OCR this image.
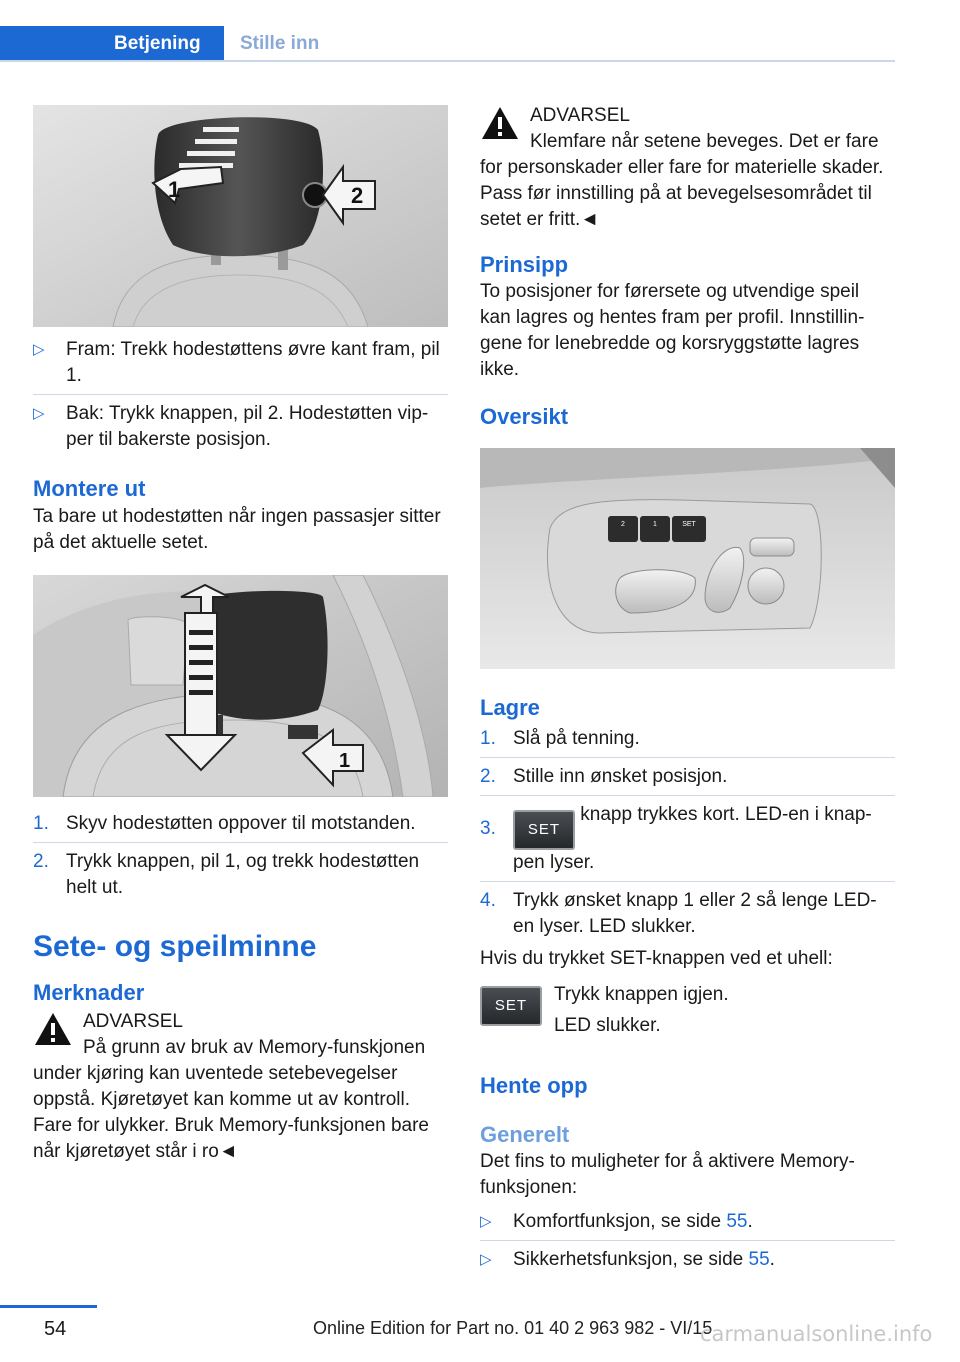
Betjening	Stille inn
1	2
▷ Fram: Trekk hodestøttens øvre kant fram, pil 1.
▷ Bak: Trykk knappen, pil 2. Hodestøtten vipper til bakerste posisjon.
Montere ut
Ta bare ut hodestøtten når ingen passasjer sitter på det aktuelle setet.
1
1. Skyv hodestøtten oppover til motstanden.
2. Trykk knappen, pil 1, og trekk hodestøtten helt ut.
Sete- og speilminne
Merknader
ADVARSEL
På grunn av bruk av Memory-funskjonen under kjøring kan uventede setebevegelser oppstå. Kjøretøyet kan komme ut av kontroll. Fare for ulykker. Bruk Memory-funksjonen bare når kjøretøyet står i ro◄
ADVARSEL
Klemfare når setene beveges. Det er fare for personskader eller fare for materielle skader. Pass før innstilling på at bevegelsesområdet til setet er fritt.◄
Prinsipp
To posisjoner for førersete og utvendige speil kan lagres og hentes fram per profil. Innstillingene for lenebredde og korsryggstøtte lagres ikke.
Oversikt
2	1	SET
Lagre
1. Slå på tenning.
2. Stille inn ønsket posisjon.
3. SET knapp trykkes kort. LED-en i knappen lyser.
4. Trykk ønsket knapp 1 eller 2 så lenge LED-en lyser. LED slukker.
Hvis du trykket SET-knappen ved et uhell:
SET
Trykk knappen igjen.
LED slukker.
Hente opp
Generelt
Det fins to muligheter for å aktivere Memory-funksjonen:
▷ Komfortfunksjon, se side 55.
▷ Sikkerhetsfunksjon, se side 55.
54	Online Edition for Part no. 01 40 2 963 982 - VI/15
carmanualsonline.info
